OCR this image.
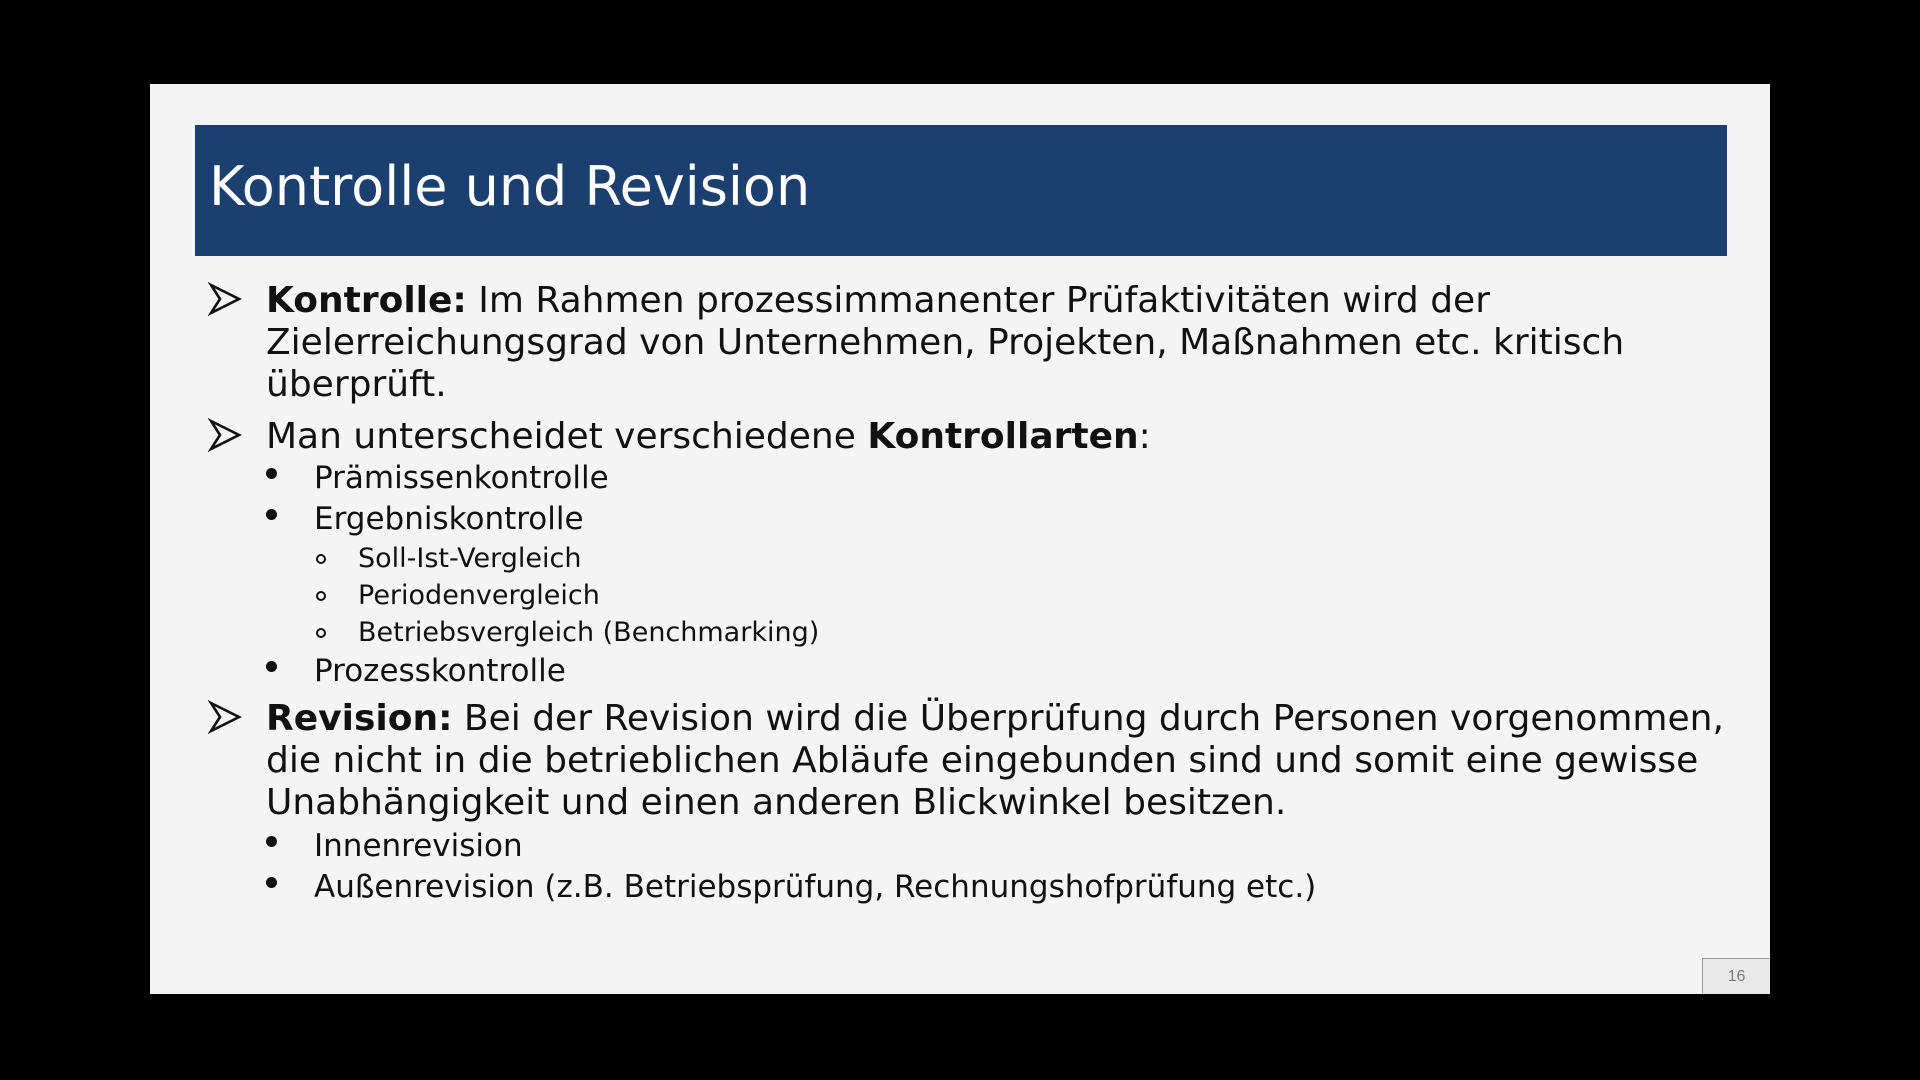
Kontrolle und Revision
Kontrolle: Im Rahmen prozessimmanenter Prüfaktivitäten wird der Zielerreichungsgrad von Unternehmen, Projekten, Maßnahmen etc. kritisch überprüft.
Man unterscheidet verschiedene Kontrollarten:
Prämissenkontrolle
Ergebniskontrolle
Soll-Ist-Vergleich
Periodenvergleich
Betriebsvergleich (Benchmarking)
Prozesskontrolle
Revision: Bei der Revision wird die Überprüfung durch Personen vorgenommen, die nicht in die betrieblichen Abläufe eingebunden sind und somit eine gewisse Unabhängigkeit und einen anderen Blickwinkel besitzen.
Innenrevision
Außenrevision (z.B. Betriebsprüfung, Rechnungshofprüfung etc.)
16
